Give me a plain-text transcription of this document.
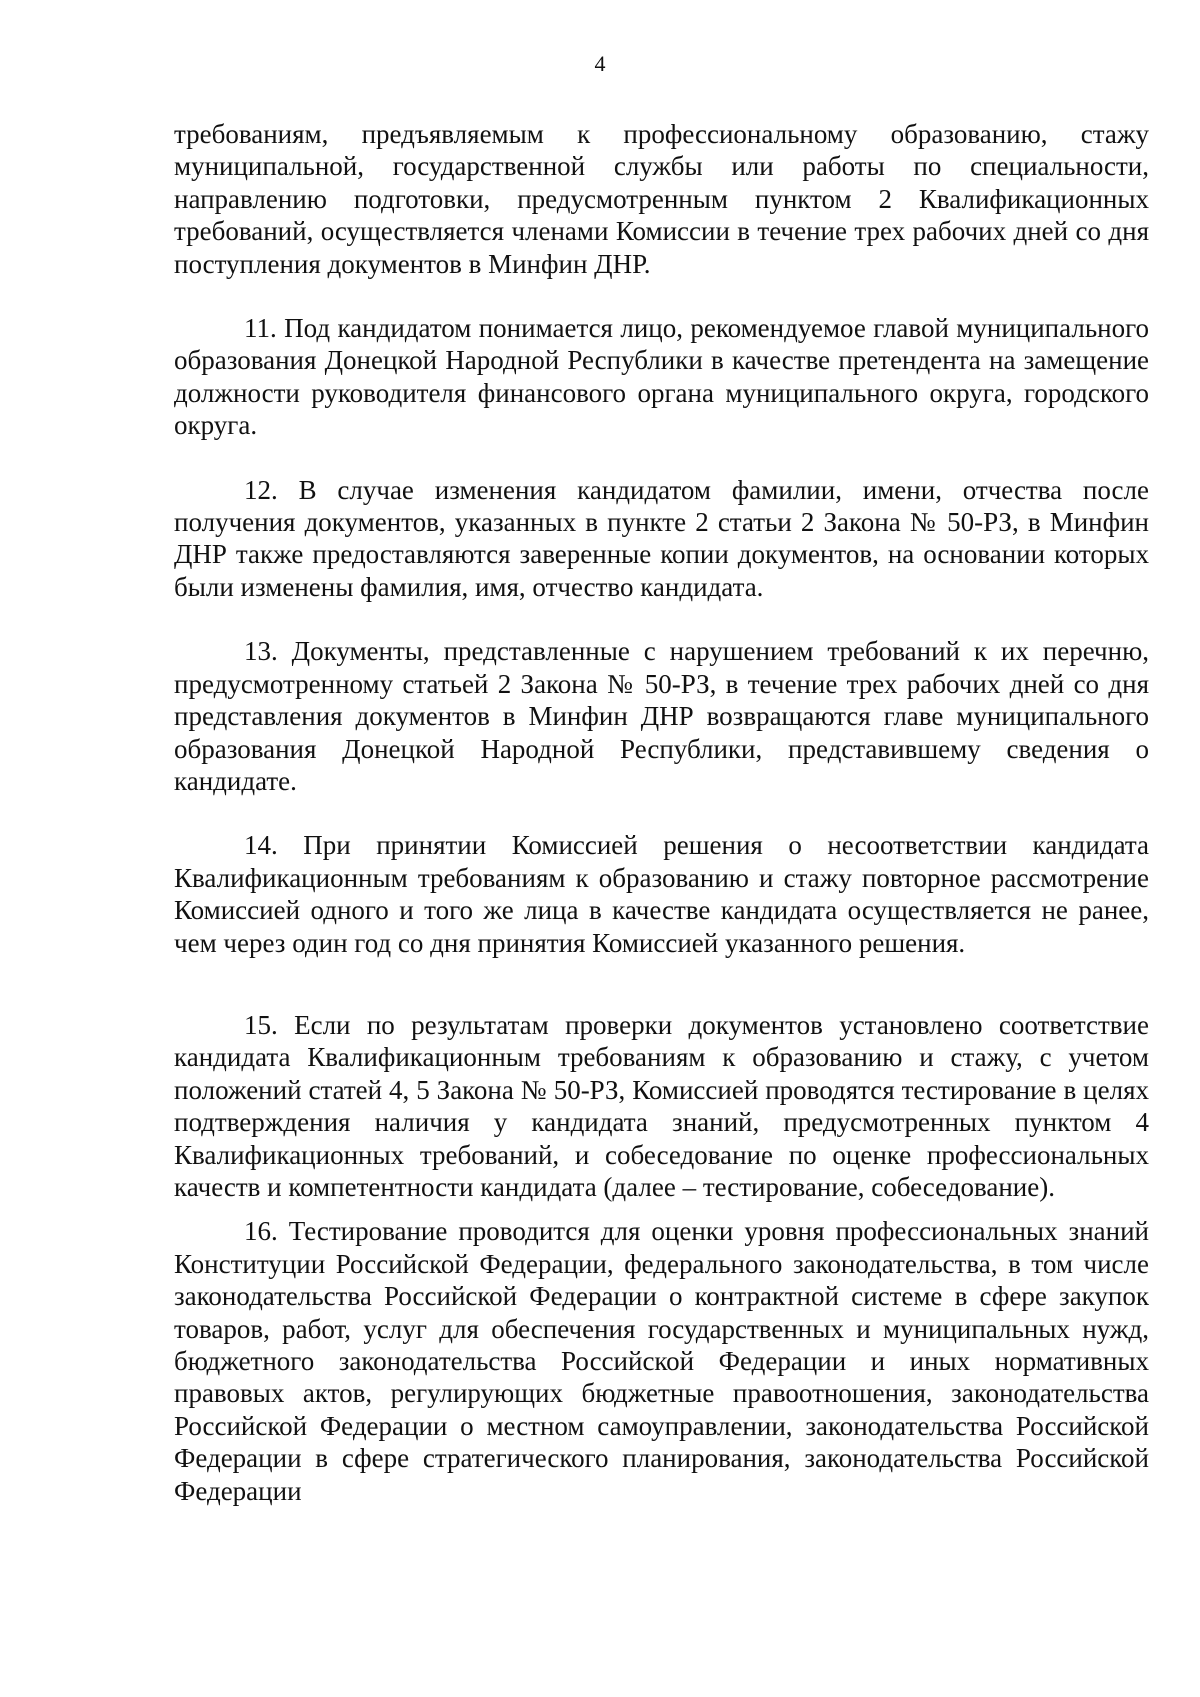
4

требованиям, предъявляемым к профессиональному образованию, стажу муниципальной, государственной службы или работы по специальности, направлению подготовки, предусмотренным пунктом 2 Квалификационных требований, осуществляется членами Комиссии в течение трех рабочих дней со дня поступления документов в Минфин ДНР.

11. Под кандидатом понимается лицо, рекомендуемое главой муниципального образования Донецкой Народной Республики в качестве претендента на замещение должности руководителя финансового органа муниципального округа, городского округа.

12. В случае изменения кандидатом фамилии, имени, отчества после получения документов, указанных в пункте 2 статьи 2 Закона № 50-РЗ, в Минфин ДНР также предоставляются заверенные копии документов, на основании которых были изменены фамилия, имя, отчество кандидата.

13. Документы, представленные с нарушением требований к их перечню, предусмотренному статьей 2 Закона № 50-РЗ, в течение трех рабочих дней со дня представления документов в Минфин ДНР возвращаются главе муниципального образования Донецкой Народной Республики, представившему сведения о кандидате.

14. При принятии Комиссией решения о несоответствии кандидата Квалификационным требованиям к образованию и стажу повторное рассмотрение Комиссией одного и того же лица в качестве кандидата осуществляется не ранее, чем через один год со дня принятия Комиссией указанного решения.

15. Если по результатам проверки документов установлено соответствие кандидата Квалификационным требованиям к образованию и стажу, с учетом положений статей 4, 5 Закона № 50-РЗ, Комиссией проводятся тестирование в целях подтверждения наличия у кандидата знаний, предусмотренных пунктом 4 Квалификационных требований, и собеседование по оценке профессиональных качеств и компетентности кандидата (далее – тестирование, собеседование).

16. Тестирование проводится для оценки уровня профессиональных знаний Конституции Российской Федерации, федерального законодательства, в том числе законодательства Российской Федерации о контрактной системе в сфере закупок товаров, работ, услуг для обеспечения государственных и муниципальных нужд, бюджетного законодательства Российской Федерации и иных нормативных правовых актов, регулирующих бюджетные правоотношения, законодательства Российской Федерации о местном самоуправлении, законодательства Российской Федерации в сфере стратегического планирования, законодательства Российской Федерации
